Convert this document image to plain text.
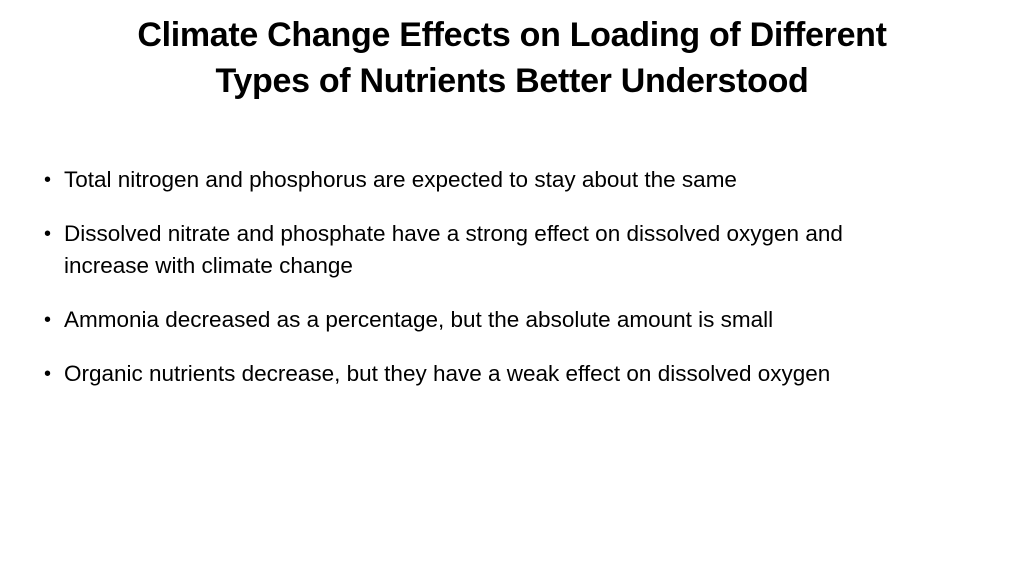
Climate Change Effects on Loading of Different
Types of Nutrients Better Understood
• Total nitrogen and phosphorus are expected to stay about the same
• Dissolved nitrate and phosphate have a strong effect on dissolved oxygen and increase with climate change
• Ammonia decreased as a percentage, but the absolute amount is small
• Organic nutrients decrease, but they have a weak effect on dissolved oxygen
